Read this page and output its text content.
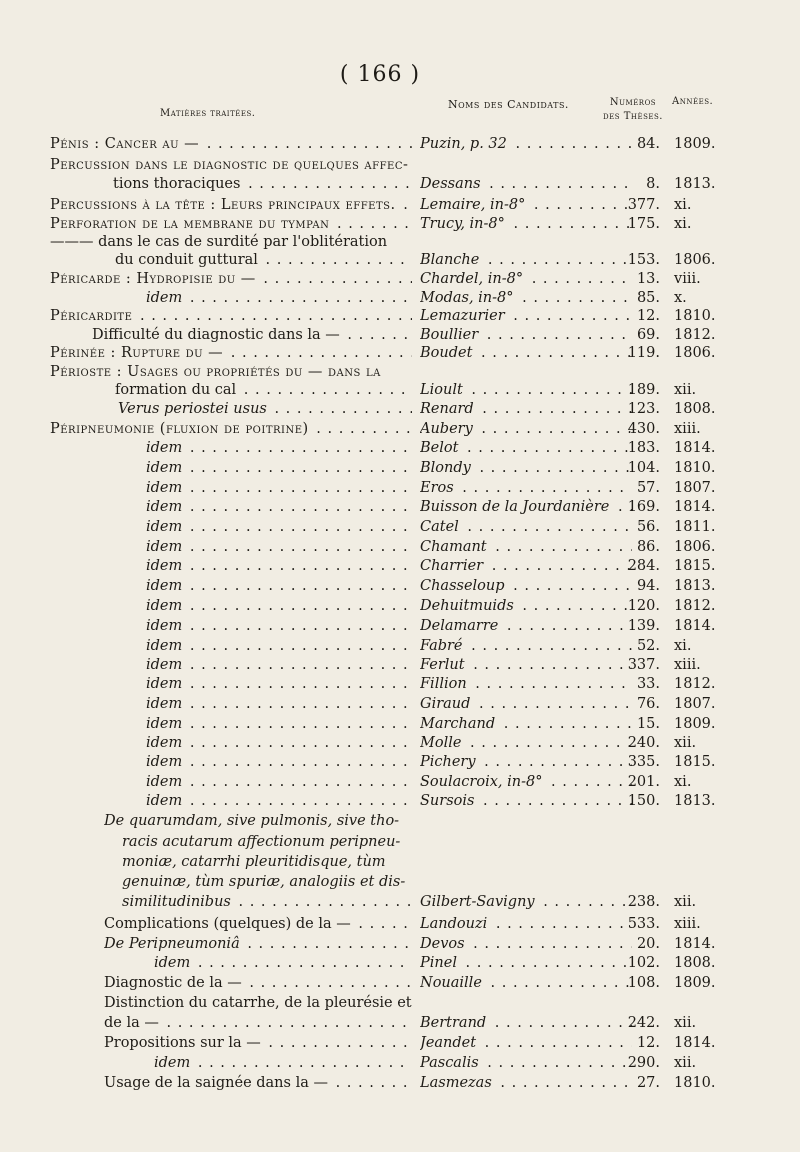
( 166 )
Matières traitées.
Noms des Candidats.	Numéros des Thèses.
Années.
Pénis : Cancer au — . . .	Puzin, p. 32 . . .	84. 1809.
Percussion dans le diagnostic de quelques affec-
tions thoraciques . . .	Dessans . . .	8. 1813.
Percussions à la tête : Leurs principaux effets. . . .	Lemaire, in-8° . . .	377. xi.
Perforation de la membrane du tympan . . .	Trucy, in-8° . . .	175. xi.
——— dans le cas de surdité par l'oblitération
du conduit guttural . . .	Blanche . . .	153. 1806.
Péricarde : Hydropisie du — . . .	Chardel, in-8° . . .	13. viii.
idem . . .	Modas, in-8° . . .	85. x.
Péricardite . . .	Lemazurier . . .	12. 1810.
Difficulté du diagnostic dans la — . . .	Boullier . . .	69. 1812.
Périnée : Rupture du — . . .	Boudet . . .	119. 1806.
Périoste : Usages ou propriétés du — dans la
formation du cal . . .	Lioult . . .	189. xii.
Verus periostei usus . . .	Renard . . .	123. 1808.
Péripneumonie (fluxion de poitrine) . . .	Aubery . . .	430. xiii.
idem . . .	Belot . . .	183. 1814.
idem . . .	Blondy . . .	104. 1810.
idem . . .	Eros . . .	57. 1807.
idem . . .	Buisson de la Jourdanière . . .	169. 1814.
idem . . .	Catel . . .	56. 1811.
idem . . .	Chamant . . .	86. 1806.
idem . . .	Charrier . . .	284. 1815.
idem . . .	Chasseloup . . .	94. 1813.
idem . . .	Dehuitmuids . . .	120. 1812.
idem . . .	Delamarre . . .	139. 1814.
idem . . .	Fabré . . .	52. xi.
idem . . .	Ferlut . . .	337. xiii.
idem . . .	Fillion . . .	33. 1812.
idem . . .	Giraud . . .	76. 1807.
idem . . .	Marchand . . .	15. 1809.
idem . . .	Molle . . .	240. xii.
idem . . .	Pichery . . .	335. 1815.
idem . . .	Soulacroix, in-8° . . .	201. xi.
idem . . .	Sursois . . .	150. 1813.
De quarumdam, sive pulmonis, sive tho-
racis acutarum affectionum peripneu-
moniæ, catarrhi pleuritidisque, tùm
genuinæ, tùm spuriæ, analogiis et dis-
similitudinibus . . .	Gilbert-Savigny . . .	238. xii.
Complications (quelques) de la — . . .	Landouzi . . .	533. xiii.
De Peripneumoniâ . . .	Devos . . .	20. 1814.
idem . . .	Pinel . . .	102. 1808.
Diagnostic de la — . . .	Nouaille . . .	108. 1809.
Distinction du catarrhe, de la pleurésie et
de la — . . .	Bertrand . . .	242. xii.
Propositions sur la — . . .	Jeandet . . .	12. 1814.
idem . . .	Pascalis . . .	290. xii.
Usage de la saignée dans la — . . .	Lasmezas . . .	27. 1810.
